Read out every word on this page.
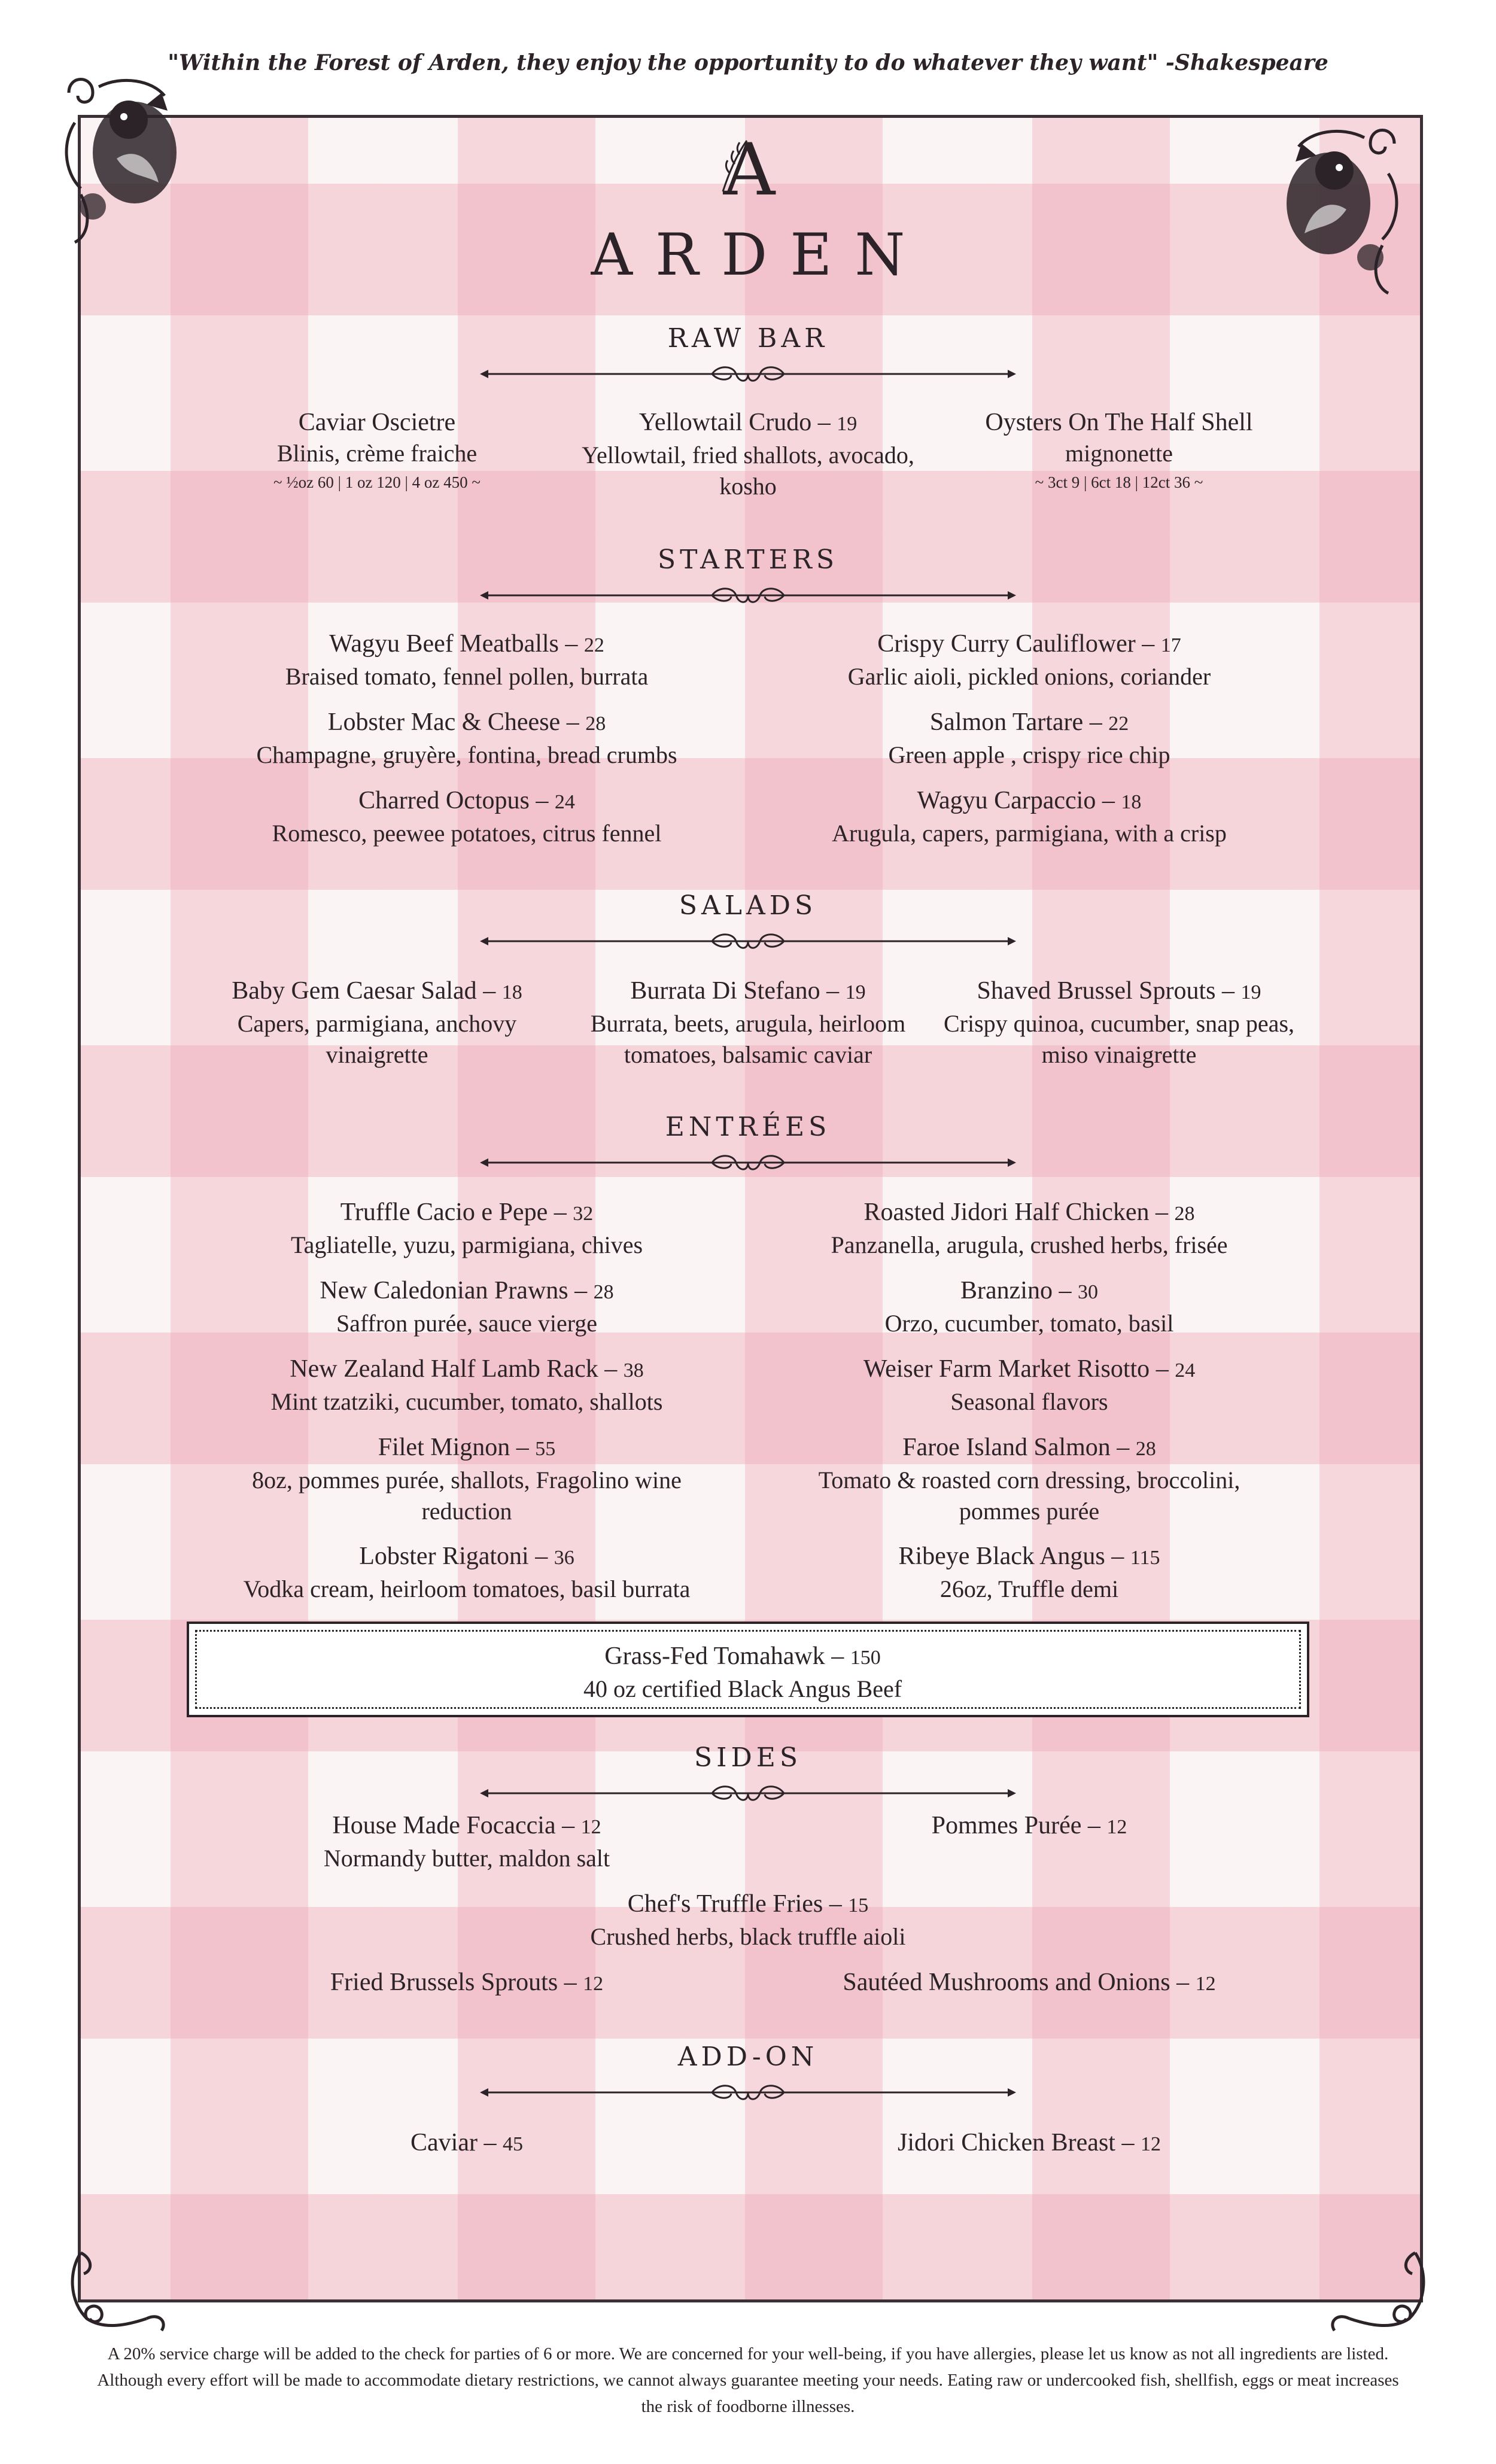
"Within the Forest of Arden, they enjoy the opportunity to do whatever they want" -Shakespeare
A
ARDEN
RAW BAR
Caviar Oscietre
Blinis, crème fraiche
~ ½oz 60 | 1 oz 120 | 4 oz 450 ~
Yellowtail Crudo – 19
Yellowtail, fried shallots, avocado, kosho
Oysters On The Half Shell
mignonette
~ 3ct 9 | 6ct 18 | 12ct 36 ~
STARTERS
Wagyu Beef Meatballs – 22
Braised tomato, fennel pollen, burrata
Crispy Curry Cauliflower – 17
Garlic aioli, pickled onions, coriander
Lobster Mac & Cheese – 28
Champagne, gruyère, fontina, bread crumbs
Salmon Tartare – 22
Green apple , crispy rice chip
Charred Octopus – 24
Romesco, peewee potatoes, citrus fennel
Wagyu Carpaccio – 18
Arugula, capers, parmigiana, with a crisp
SALADS
Baby Gem Caesar Salad – 18
Capers, parmigiana, anchovy vinaigrette
Burrata Di Stefano – 19
Burrata, beets, arugula, heirloom tomatoes, balsamic caviar
Shaved Brussel Sprouts – 19
Crispy quinoa, cucumber, snap peas, miso vinaigrette
ENTRÉES
Truffle Cacio e Pepe – 32
Tagliatelle, yuzu, parmigiana, chives
Roasted Jidori Half Chicken – 28
Panzanella, arugula, crushed herbs, frisée
New Caledonian Prawns – 28
Saffron purée, sauce vierge
Branzino – 30
Orzo, cucumber, tomato, basil
New Zealand Half Lamb Rack – 38
Mint tzatziki, cucumber, tomato, shallots
Weiser Farm Market Risotto – 24
Seasonal flavors
Filet Mignon – 55
8oz, pommes purée, shallots, Fragolino wine reduction
Faroe Island Salmon – 28
Tomato & roasted corn dressing, broccolini, pommes purée
Lobster Rigatoni – 36
Vodka cream, heirloom tomatoes, basil burrata
Ribeye Black Angus – 115
26oz, Truffle demi
Grass-Fed Tomahawk – 150
40 oz certified Black Angus Beef
SIDES
House Made Focaccia – 12
Normandy butter, maldon salt
Pommes Purée – 12
Chef's Truffle Fries – 15
Crushed herbs, black truffle aioli
Fried Brussels Sprouts – 12	Sautéed Mushrooms and Onions – 12
ADD-ON
Caviar – 45	Jidori Chicken Breast – 12
A 20% service charge will be added to the check for parties of 6 or more. We are concerned for your well-being, if you have allergies, please let us know as not all ingredients are listed. Although every effort will be made to accommodate dietary restrictions, we cannot always guarantee meeting your needs. Eating raw or undercooked fish, shellfish, eggs or meat increases the risk of foodborne illnesses.
